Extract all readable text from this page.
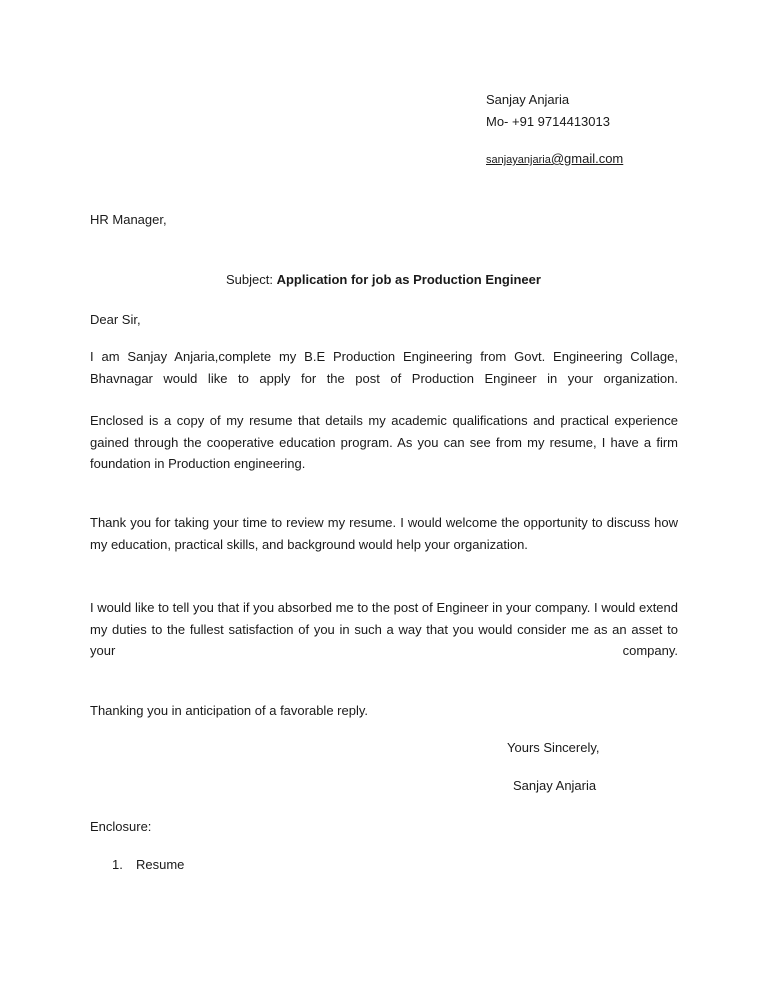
Sanjay Anjaria

Mo- +91 9714413013

sanjayanjaria@gmail.com

HR Manager,

Subject: Application for job as Production Engineer

Dear Sir,

I am Sanjay Anjaria,complete my B.E Production Engineering from Govt. Engineering Collage, Bhavnagar would like to apply for the post of Production Engineer in your organization.

Enclosed is a copy of my resume that details my academic qualifications and practical experience gained through the cooperative education program. As you can see from my resume, I have a firm foundation in Production engineering.

Thank you for taking your time to review my resume. I would welcome the opportunity to discuss how my education, practical skills, and background would help your organization.

I would like to tell you that if you absorbed me to the post of Engineer in your company. I would extend my duties to the fullest satisfaction of you in such a way that you would consider me as an asset to your company.

Thanking you in anticipation of a favorable reply.

Yours Sincerely,

Sanjay Anjaria

Enclosure:

1. Resume
